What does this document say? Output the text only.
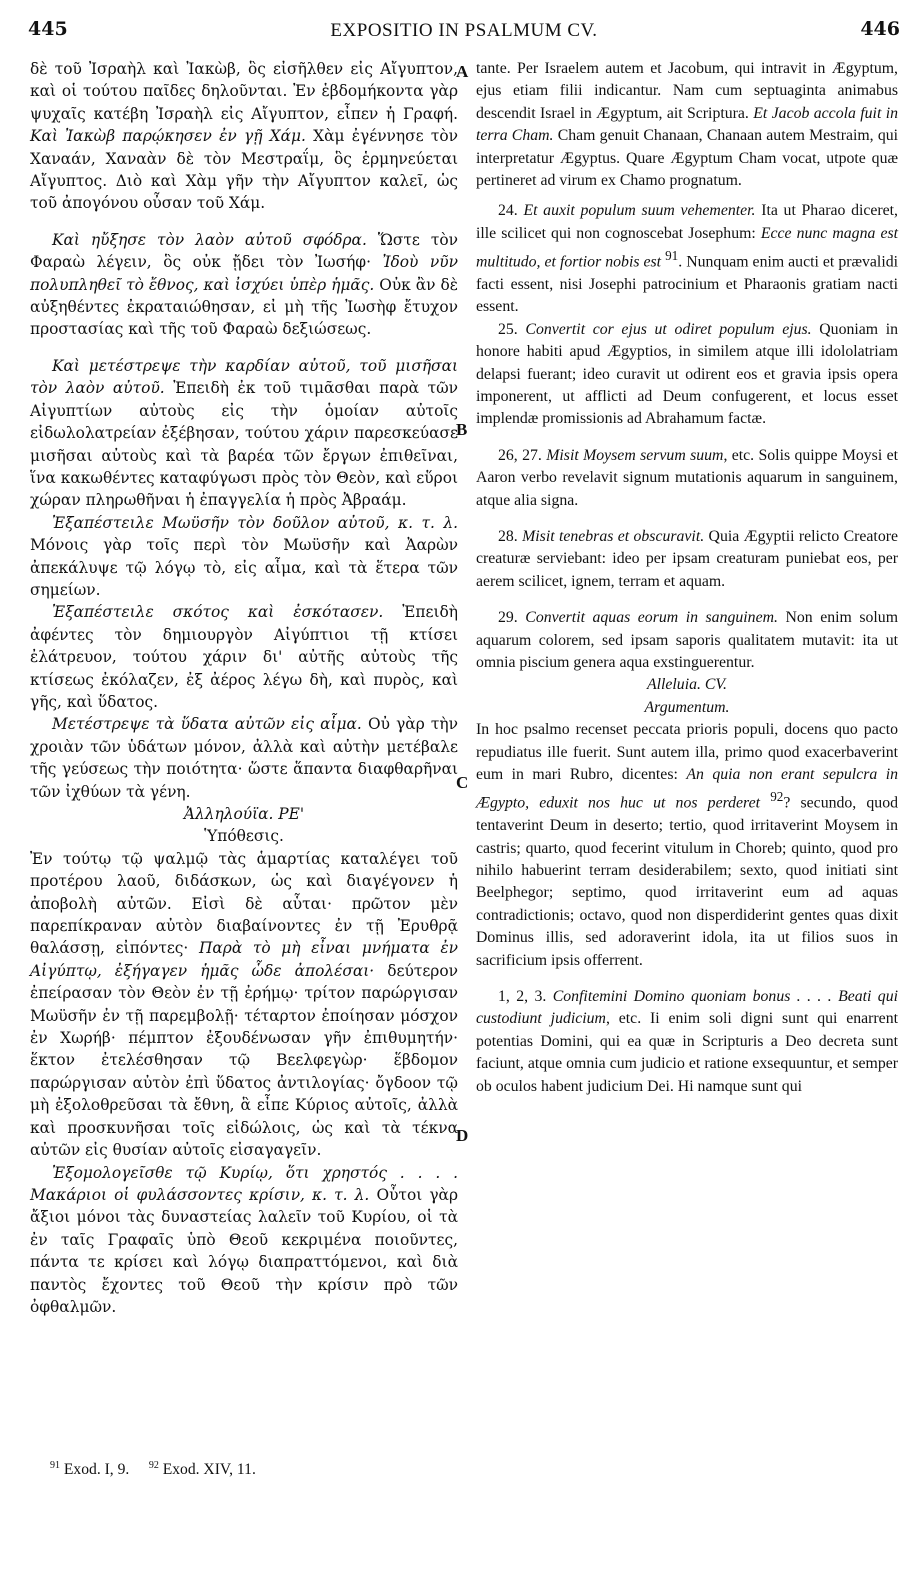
445	EXPOSITIO IN PSALMUM CV.	446
A
B
C
D

δὲ τοῦ Ἰσραὴλ καὶ Ἰακὼβ, ὃς εἰσῆλθεν εἰς Αἴγυπτον, καὶ οἱ τούτου παῖδες δηλοῦνται. Ἐν ἑβδομήκοντα γὰρ ψυχαῖς κατέβη Ἰσραὴλ εἰς Αἴγυπτον, εἶπεν ἡ Γραφή. Καὶ Ἰακὼβ παρῴκησεν ἐν γῇ Χάμ. Χὰμ ἐγέννησε τὸν Χαναάν, Χαναὰν δὲ τὸν Μεστραΐμ, ὃς ἑρμηνεύεται Αἴγυπτος. Διὸ καὶ Χὰμ γῆν τὴν Αἴγυπτον καλεῖ, ὡς τοῦ ἀπογόνου οὖσαν τοῦ Χάμ.

Καὶ ηὔξησε τὸν λαὸν αὐτοῦ σφόδρα. Ὥστε τὸν Φαραὼ λέγειν, ὃς οὐκ ᾔδει τὸν Ἰωσήφ· Ἰδοὺ νῦν πολυπληθεῖ τὸ ἔθνος, καὶ ἰσχύει ὑπὲρ ἡμᾶς. Οὐκ ἂν δὲ αὐξηθέντες ἐκραταιώθησαν, εἰ μὴ τῆς Ἰωσὴφ ἔτυχον προστασίας καὶ τῆς τοῦ Φαραὼ δεξιώσεως.

Καὶ μετέστρεψε τὴν καρδίαν αὐτοῦ, τοῦ μισῆσαι τὸν λαὸν αὐτοῦ. Ἐπειδὴ ἐκ τοῦ τιμᾶσθαι παρὰ τῶν Αἰγυπτίων αὐτοὺς εἰς τὴν ὁμοίαν αὐτοῖς εἰδωλολατρείαν ἐξέβησαν, τούτου χάριν παρεσκεύασε μισῆσαι αὐτοὺς καὶ τὰ βαρέα τῶν ἔργων ἐπιθεῖναι, ἵνα κακωθέντες καταφύγωσι πρὸς τὸν Θεὸν, καὶ εὕροι χώραν πληρωθῆναι ἡ ἐπαγγελία ἡ πρὸς Ἀβραάμ.

Ἐξαπέστειλε Μωϋσῆν τὸν δοῦλον αὐτοῦ, κ. τ. λ. Μόνοις γὰρ τοῖς περὶ τὸν Μωϋσῆν καὶ Ἀαρὼν ἀπεκάλυψε τῷ λόγῳ τὸ, εἰς αἷμα, καὶ τὰ ἕτερα τῶν σημείων.

Ἐξαπέστειλε σκότος καὶ ἐσκότασεν. Ἐπειδὴ ἀφέντες τὸν δημιουργὸν Αἰγύπτιοι τῇ κτίσει ἐλάτρευον, τούτου χάριν δι' αὐτῆς αὐτοὺς τῆς κτίσεως ἐκόλαζεν, ἐξ ἀέρος λέγω δὴ, καὶ πυρὸς, καὶ γῆς, καὶ ὕδατος.

Μετέστρεψε τὰ ὕδατα αὐτῶν εἰς αἷμα. Οὐ γὰρ τὴν χροιὰν τῶν ὑδάτων μόνον, ἀλλὰ καὶ αὐτὴν μετέβαλε τῆς γεύσεως τὴν ποιότητα· ὥστε ἅπαντα διαφθαρῆναι τῶν ἰχθύων τὰ γένη.

Ἀλληλούϊα. ΡΕ'

Ὑπόθεσις.

Ἐν τούτῳ τῷ ψαλμῷ τὰς ἁμαρτίας καταλέγει τοῦ προτέρου λαοῦ, διδάσκων, ὡς καὶ διαγέγονεν ἡ ἀποβολὴ αὐτῶν. Εἰσὶ δὲ αὗται· πρῶτον μὲν παρεπίκραναν αὐτὸν διαβαίνοντες ἐν τῇ Ἐρυθρᾷ θαλάσσῃ, εἰπόντες· Παρὰ τὸ μὴ εἶναι μνήματα ἐν Αἰγύπτῳ, ἐξήγαγεν ἡμᾶς ὧδε ἀπολέσαι· δεύτερον ἐπείρασαν τὸν Θεὸν ἐν τῇ ἐρήμῳ· τρίτον παρώργισαν Μωϋσῆν ἐν τῇ παρεμβολῇ· τέταρτον ἐποίησαν μόσχον ἐν Χωρήβ· πέμπτον ἐξουδένωσαν γῆν ἐπιθυμητήν· ἕκτον ἐτελέσθησαν τῷ Βεελφεγὼρ· ἕβδομον παρώργισαν αὐτὸν ἐπὶ ὕδατος ἀντιλογίας· ὄγδοον τῷ μὴ ἐξολοθρεῦσαι τὰ ἔθνη, ἃ εἶπε Κύριος αὐτοῖς, ἀλλὰ καὶ προσκυνῆσαι τοῖς εἰδώλοις, ὡς καὶ τὰ τέκνα αὐτῶν εἰς θυσίαν αὐτοῖς εἰσαγαγεῖν.

Ἐξομολογεῖσθε τῷ Κυρίῳ, ὅτι χρηστός . . . . Μακάριοι οἱ φυλάσσοντες κρίσιν, κ. τ. λ. Οὗτοι γὰρ ἄξιοι μόνοι τὰς δυναστείας λαλεῖν τοῦ Κυρίου, οἱ τὰ ἐν ταῖς Γραφαῖς ὑπὸ Θεοῦ κεκριμένα ποιοῦντες, πάντα τε κρίσει καὶ λόγῳ διαπραττόμενοι, καὶ διὰ παντὸς ἔχοντες τοῦ Θεοῦ τὴν κρίσιν πρὸ τῶν ὀφθαλμῶν.

tante. Per Israelem autem et Jacobum, qui intravit in Ægyptum, ejus etiam filii indicantur. Nam cum septuaginta animabus descendit Israel in Ægyptum, ait Scriptura. Et Jacob accola fuit in terra Cham. Cham genuit Chanaan, Chanaan autem Mestraim, qui interpretatur Ægyptus. Quare Ægyptum Cham vocat, utpote quæ pertineret ad virum ex Chamo prognatum.

24. Et auxit populum suum vehementer. Ita ut Pharao diceret, ille scilicet qui non cognoscebat Josephum: Ecce nunc magna est multitudo, et fortior nobis est $^{91}$. Nunquam enim aucti et prævalidi facti essent, nisi Josephi patrocinium et Pharaonis gratiam nacti essent.

25. Convertit cor ejus ut odiret populum ejus. Quoniam in honore habiti apud Ægyptios, in similem atque illi idololatriam delapsi fuerant; ideo curavit ut odirent eos et gravia ipsis opera imponerent, ut afflicti ad Deum confugerent, et locus esset implendæ promissionis ad Abrahamum factæ.

26, 27. Misit Moysem servum suum, etc. Solis quippe Moysi et Aaron verbo revelavit signum mutationis aquarum in sanguinem, atque alia signa.

28. Misit tenebras et obscuravit. Quia Ægyptii relicto Creatore creaturæ serviebant: ideo per ipsam creaturam puniebat eos, per aerem scilicet, ignem, terram et aquam.

29. Convertit aquas eorum in sanguinem. Non enim solum aquarum colorem, sed ipsam saporis qualitatem mutavit: ita ut omnia piscium genera aqua exstinguerentur.

Alleluia. CV.

Argumentum.

In hoc psalmo recenset peccata prioris populi, docens quo pacto repudiatus ille fuerit. Sunt autem illa, primo quod exacerbaverint eum in mari Rubro, dicentes: An quia non erant sepulcra in Ægypto, eduxit nos huc ut nos perderet $^{92}$? secundo, quod tentaverint Deum in deserto; tertio, quod irritaverint Moysem in castris; quarto, quod fecerint vitulum in Choreb; quinto, quod pro nihilo habuerint terram desiderabilem; sexto, quod initiati sint Beelphegor; septimo, quod irritaverint eum ad aquas contradictionis; octavo, quod non disperdiderint gentes quas dixit Dominus illis, sed adoraverint idola, ita ut filios suos in sacrificium ipsis offerrent.

1, 2, 3. Confitemini Domino quoniam bonus . . . . Beati qui custodiunt judicium, etc. Ii enim soli digni sunt qui enarrent potentias Domini, qui ea quæ in Scripturis a Deo decreta sunt faciunt, atque omnia cum judicio et ratione exsequuntur, et semper ob oculos habent judicium Dei. Hi namque sunt qui

$^{91}$ Exod. I, 9. $^{92}$ Exod. XIV, 11.
